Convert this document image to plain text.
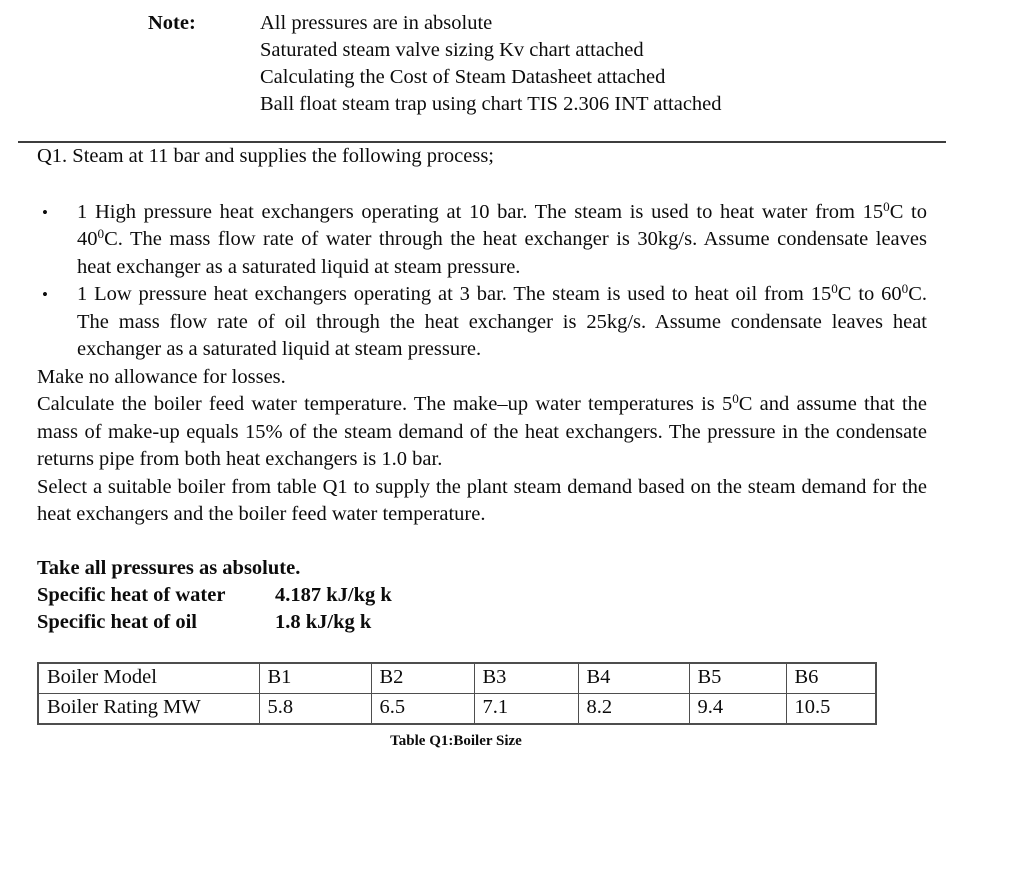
Note:	All pressures are in absolute
Saturated steam valve sizing Kv chart attached
Calculating the Cost of Steam Datasheet attached
Ball float steam trap using chart TIS 2.306 INT attached

Q1. Steam at 11 bar and supplies the following process;

•	1 High pressure heat exchangers operating at 10 bar. The steam is used to heat water from $15^0C$ to $40^0C$. The mass flow rate of water through the heat exchanger is 30kg/s. Assume condensate leaves heat exchanger as a saturated liquid at steam pressure.
•	1 Low pressure heat exchangers operating at 3 bar. The steam is used to heat oil from $15^0C$ to $60^0C$. The mass flow rate of oil through the heat exchanger is 25kg/s. Assume condensate leaves heat exchanger as a saturated liquid at steam pressure.

Make no allowance for losses.

Calculate the boiler feed water temperature. The make–up water temperatures is $5^0C$ and assume that the mass of make-up equals 15% of the steam demand of the heat exchangers. The pressure in the condensate returns pipe from both heat exchangers is 1.0 bar.

Select a suitable boiler from table Q1 to supply the plant steam demand based on the steam demand for the heat exchangers and the boiler feed water temperature.

Take all pressures as absolute.
Specific heat of water 4.187 kJ/kg k
Specific heat of oil	1.8 kJ/kg k
Boiler Model	B1	B2	B3	B4	B5	B6
Boiler Rating MW	5.8	6.5	7.1	8.2	9.4	10.5
Table Q1:Boiler Size
